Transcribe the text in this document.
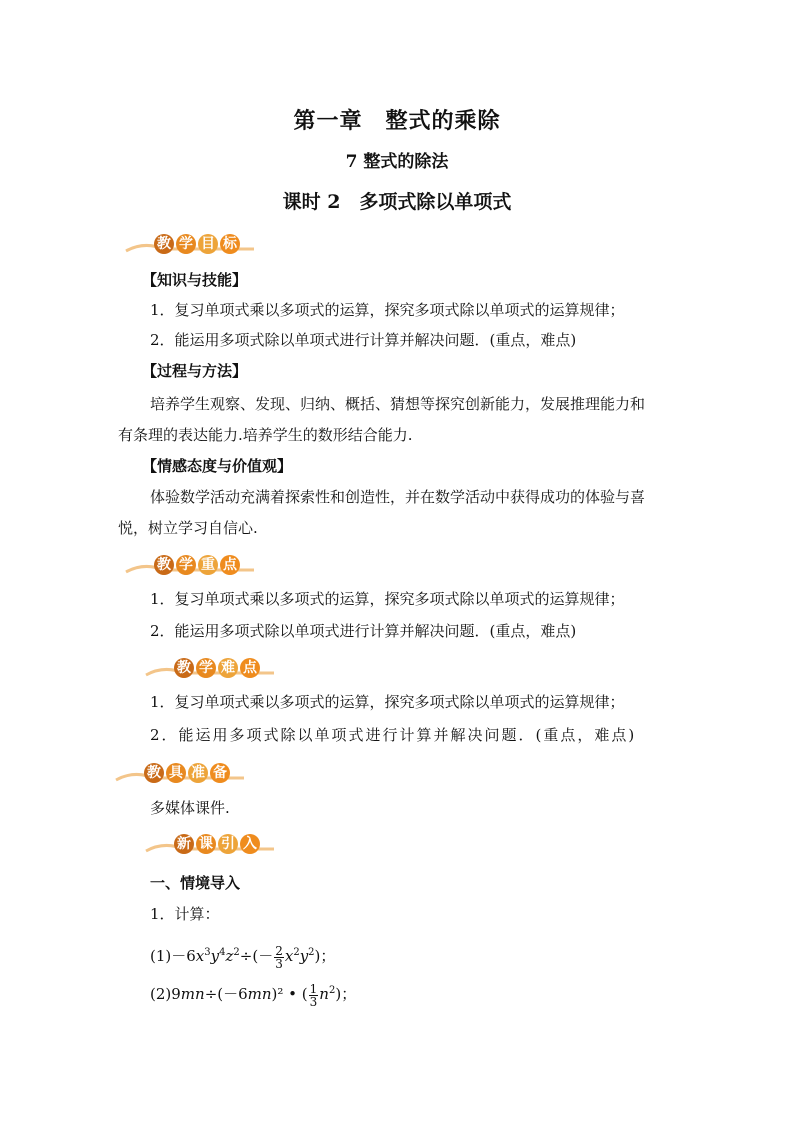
第一章　整式的乘除
7 整式的除法
课时 2　多项式除以单项式
教 学 目 标
【知识与技能】
1．复习单项式乘以多项式的运算，探究多项式除以单项式的运算规律；
2．能运用多项式除以单项式进行计算并解决问题．(重点，难点)
【过程与方法】
培养学生观察、发现、归纳、概括、猜想等探究创新能力，发展推理能力和
有条理的表达能力.培养学生的数形结合能力.
【情感态度与价值观】
体验数学活动充满着探索性和创造性，并在数学活动中获得成功的体验与喜
悦，树立学习自信心.
教 学 重 点
1．复习单项式乘以多项式的运算，探究多项式除以单项式的运算规律；
2．能运用多项式除以单项式进行计算并解决问题．(重点，难点)
教 学 难 点
1．复习单项式乘以多项式的运算，探究多项式除以单项式的运算规律；
2．能运用多项式除以单项式进行计算并解决问题．(重点，难点)
教 具 准 备
多媒体课件.
新 课 引 入
一、情境导入
1．计算：
$(1)-6x^3y^4z^2\div(- \frac{2}{3} x^2y^2)$；
(2)9mn÷(－6mn)² • ( $\frac{1}{3} n^2$)；
